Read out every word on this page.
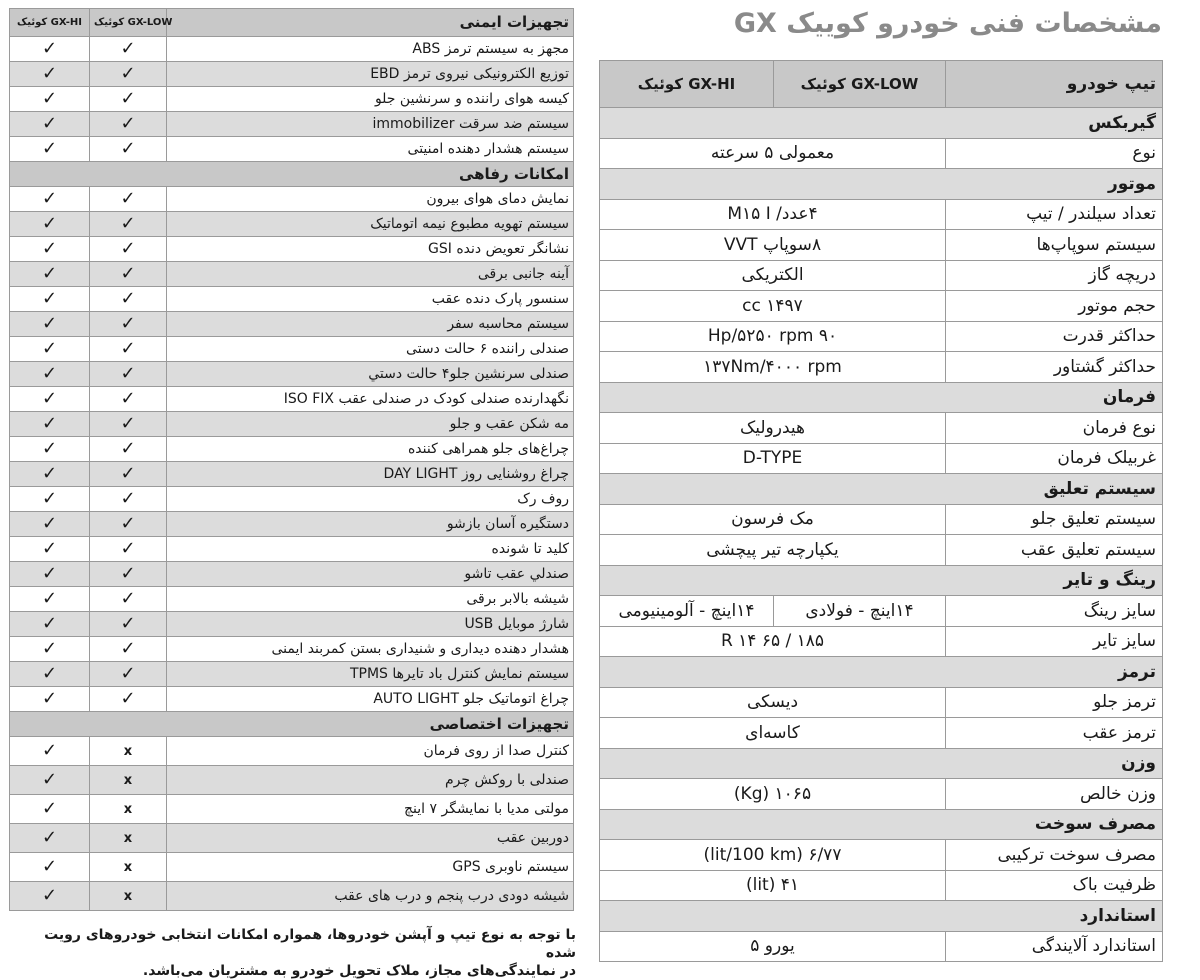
کوئیک GX-HI	کوئیک GX-LOW	تجهیزات ایمنی
✓	✓	مجهز به سیستم ترمز ABS
✓	✓	توزیع الکترونیکی نیروی ترمز EBD
✓	✓	کیسه هوای راننده و سرنشین جلو
✓	✓	سیستم ضد سرقت immobilizer
✓	✓	سیستم هشدار دهنده امنیتی
امکانات رفاهی		
✓	✓	نمایش دمای هوای بیرون
✓	✓	سیستم تهویه مطبوع نیمه اتوماتیک
✓	✓	نشانگر تعویض دنده GSI
✓	✓	آینه جانبی برقی
✓	✓	سنسور پارک دنده عقب
✓	✓	سیستم محاسبه سفر
✓	✓	صندلی راننده ۶ حالت دستی
✓	✓	صندلی سرنشین جلو۴ حالت دستي
✓	✓	نگهدارنده صندلی کودک در صندلی عقب ISO FIX
✓	✓	مه شکن عقب و جلو
✓	✓	چراغ‌های جلو همراهی کننده
✓	✓	چراغ روشنایی روز DAY LIGHT
✓	✓	روف رک
✓	✓	دستگیره آسان بازشو
✓	✓	کلید تا شونده
✓	✓	صندلي عقب تاشو
✓	✓	شیشه بالابر برقی
✓	✓	شارژ موبایل USB
✓	✓	هشدار دهنده دیداری و شنیداری بستن کمربند ایمنی
✓	✓	سیستم نمایش کنترل باد تایرها TPMS
✓	✓	چراغ اتوماتیک جلو AUTO LIGHT
تجهیزات اختصاصی		
✓	x	کنترل صدا از روی فرمان
✓	x	صندلی با روکش چرم
✓	x	مولتی مدیا با نمایشگر ۷ اینچ
✓	x	دوربین عقب
✓	x	سیستم ناوبری GPS
✓	x	شیشه دودی درب پنجم و درب های عقب
با توجه به نوع تیپ و آپشن خودروها، همواره امکانات انتخابی خودروهای رویت شده
در نمایندگی‌های مجاز، ملاک تحویل خودرو به مشتریان می‌باشد.
مشخصات فنی خودرو کوییک GX
کوئیک GX-HI	کوئیک GX-LOW	تیپ خودرو
گیربکس		
معمولی ۵ سرعته		نوع
موتور		
۴عدد/ M۱۵ I		تعداد سیلندر / تیپ
۸سوپاپ VVT		سیستم سوپاپ‌ها
الکتریکی		دریچه گاز
۱۴۹۷ cc		حجم موتور
۹۰ Hp/۵۲۵۰ rpm		حداکثر قدرت
۱۳۷Nm/۴۰۰۰ rpm		حداکثر گشتاور
فرمان		
هیدرولیک		نوع فرمان
D-TYPE		غربیلک فرمان
سیستم تعلیق		
مک فرسون		سیستم تعلیق جلو
یکپارچه تیر پیچشی		سیستم تعلیق عقب
رینگ و تایر		
۱۴اینچ - آلومینیومی	۱۴اینچ - فولادی	سایز رینگ
۱۸۵ / ۶۵ R ۱۴		سایز تایر
ترمز		
دیسکی		ترمز جلو
کاسه‌ای		ترمز عقب
وزن		
۱۰۶۵ (Kg)		وزن خالص
مصرف سوخت		
۶/۷۷ (lit/100 km)		مصرف سوخت ترکیبی
۴۱ (lit)		ظرفیت باک
استاندارد		
یورو ۵		استاندارد آلایندگی
